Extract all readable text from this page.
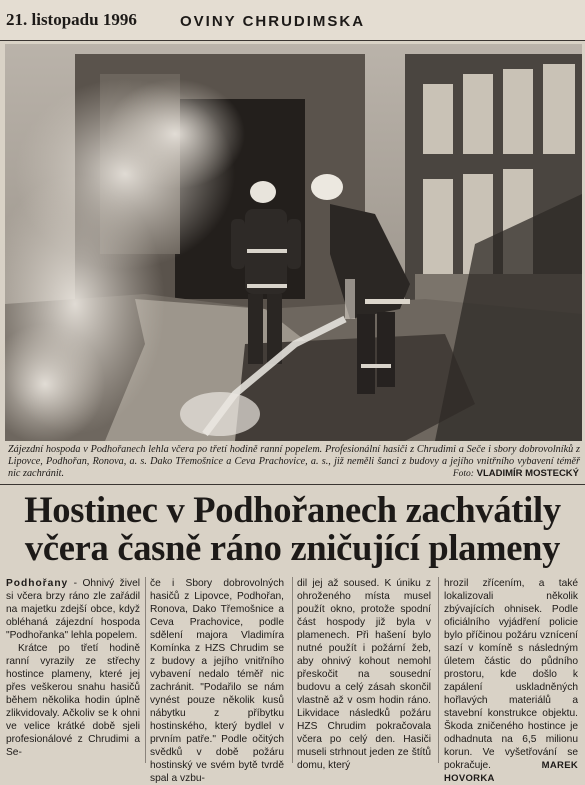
21. listopadu 1996	OVINY CHRUDIMSKA
Zájezdní hospoda v Podhořanech lehla včera po třetí hodině ranní popelem. Profesionální hasiči z Chrudimi a Seče i sbory dobrovolníků z Lipovce, Podhořan, Ronova, a. s. Dako Třemošnice a Ceva Prachovice, a. s., již neměli šanci z budovy a jejího vnitřního vybavení téměř nic zachránit.	Foto: VLADIMÍR MOSTECKÝ
Hostinec v Podhořanech zachvátily
včera časně ráno zničující plameny

Podhořany - Ohnivý živel si včera brzy ráno zle zařádil na majetku zdejší obce, když obléhaná zájezdní hospoda "Podhořanka" lehla popelem.

Krátce po třetí hodině ranní vyrazily ze střechy hostince plameny, které jej přes veškerou snahu hasičů během několika hodin úplně zlikvidovaly. Ačkoliv se k ohni ve velice krátké době sjeli profesionálové z Chrudimi a Se-

če i Sbory dobrovolných hasičů z Lipovce, Podhořan, Ronova, Dako Třemošnice a Ceva Prachovice, podle sdělení majora Vladimíra Komínka z HZS Chrudim se z budovy a jejího vnitřního vybavení nedalo téměř nic zachránit. "Podařilo se nám vynést pouze několik kusů nábytku z příbytku hostinského, který bydlel v prvním patře." Podle očitých svědků v době požáru hostinský ve svém bytě tvrdě spal a vzbu-

dil jej až soused. K úniku z ohroženého místa musel použít okno, protože spodní část hospody již byla v plamenech. Při hašení bylo nutné použít i požární žeb, aby ohnivý kohout nemohl přeskočit na sousední budovu a celý zásah skončil vlastně až v osm hodin ráno. Likvidace následků požáru HZS Chrudim pokračovala včera po celý den. Hasiči museli strhnout jeden ze štítů domu, který

hrozil zřícením, a také lokalizovali několik zbývajících ohnisek. Podle oficiálního vyjádření policie bylo příčinou požáru vznícení sazí v komíně s následným úletem částic do půdního prostoru, kde došlo k zapálení uskladněných hořlavých materiálů a stavební konstrukce objektu. Škoda zničeného hostince je odhadnuta na 6,5 milionu korun. Ve vyšetřování se pokračuje.	MAREK HOVORKA
